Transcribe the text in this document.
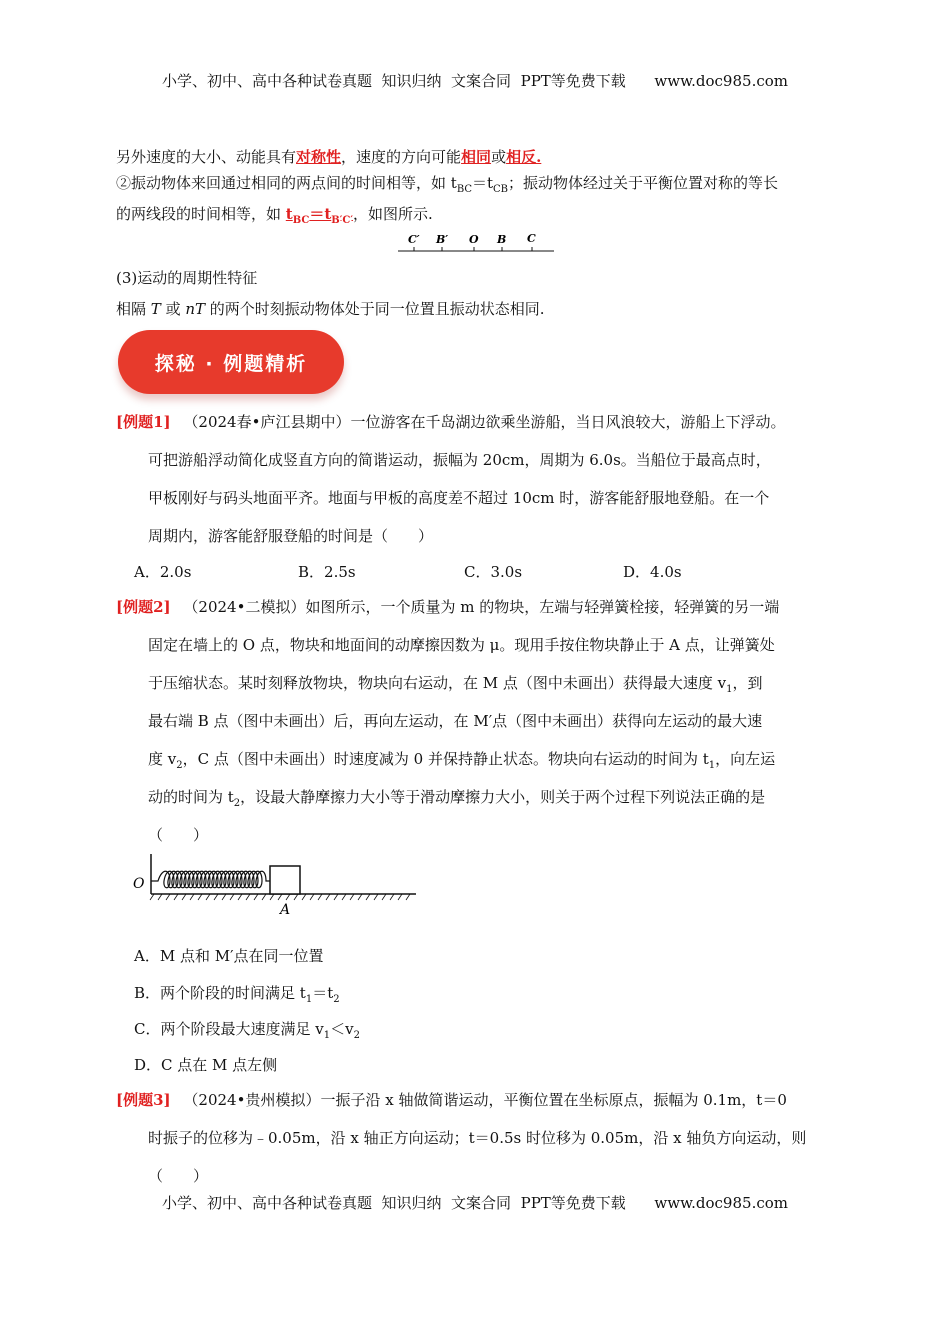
小学、初中、高中各种试卷真题  知识归纳  文案合同  PPT等免费下载      www.doc985.com
另外速度的大小、动能具有对称性，速度的方向可能相同或相反.
②振动物体来回通过相同的两点间的时间相等，如 $t_{BC}=t_{CB}$；振动物体经过关于平衡位置对称的等长
的两线段的时间相等，如 $t_{BC}=t_{B'C'}$，如图所示.
C′ B′ O B C
(3)运动的周期性特征
相隔 T 或 nT 的两个时刻振动物体处于同一位置且振动状态相同.
探秘 · 例题精析
[例题1] （2024春•庐江县期中）一位游客在千岛湖边欲乘坐游船，当日风浪较大，游船上下浮动。
可把游船浮动简化成竖直方向的简谐运动，振幅为 20cm，周期为 6.0s。当船位于最高点时，
甲板刚好与码头地面平齐。地面与甲板的高度差不超过 10cm 时，游客能舒服地登船。在一个
周期内，游客能舒服登船的时间是（　　）
A．2.0s	B．2.5s	C．3.0s	D．4.0s
[例题2] （2024•二模拟）如图所示，一个质量为 m 的物块，左端与轻弹簧栓接，轻弹簧的另一端
固定在墙上的 O 点，物块和地面间的动摩擦因数为 μ。现用手按住物块静止于 A 点，让弹簧处
于压缩状态。某时刻释放物块，物块向右运动，在 M 点（图中未画出）获得最大速度 $v_1$，到
最右端 B 点（图中未画出）后，再向左运动，在 M′点（图中未画出）获得向左运动的最大速
度 $v_2$，C 点（图中未画出）时速度减为 0 并保持静止状态。物块向右运动的时间为 $t_1$，向左运
动的时间为 $t_2$，设最大静摩擦力大小等于滑动摩擦力大小，则关于两个过程下列说法正确的是
（　　）
O
A
A．M 点和 M′点在同一位置
B．两个阶段的时间满足 $t_1=t_2$
C．两个阶段最大速度满足 $v_1<v_2$
D．C 点在 M 点左侧
[例题3] （2024•贵州模拟）一振子沿 x 轴做简谐运动，平衡位置在坐标原点，振幅为 0.1m，t＝0
时振子的位移为﹣0.05m，沿 x 轴正方向运动；t＝0.5s 时位移为 0.05m，沿 x 轴负方向运动，则
（　　）
小学、初中、高中各种试卷真题  知识归纳  文案合同  PPT等免费下载      www.doc985.com
